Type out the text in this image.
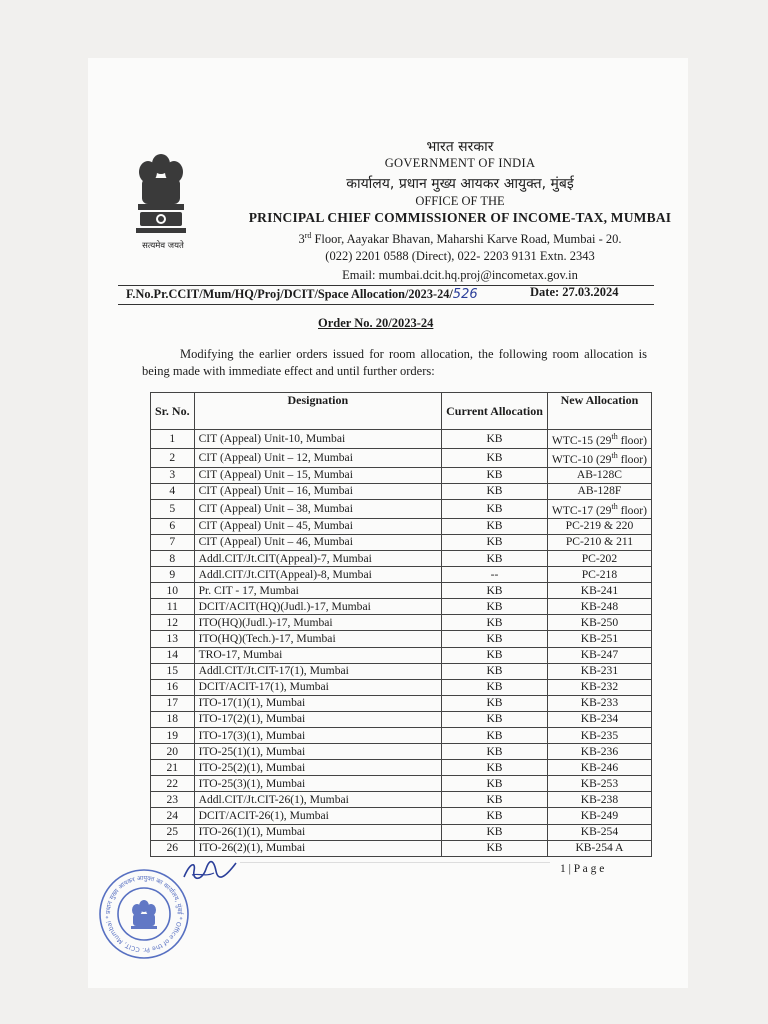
सत्यमेव जयते
भारत सरकार
GOVERNMENT OF INDIA
कार्यालय, प्रधान मुख्य आयकर आयुक्त, मुंबई
OFFICE OF THE
PRINCIPAL CHIEF COMMISSIONER OF INCOME-TAX, MUMBAI
3rd Floor, Aayakar Bhavan, Maharshi Karve Road, Mumbai - 20.
(022) 2201 0588 (Direct), 022- 2203 9131 Extn. 2343
Email: mumbai.dcit.hq.proj@incometax.gov.in
F.No.Pr.CCIT/Mum/HQ/Proj/DCIT/Space Allocation/2023-24/526	Date: 27.03.2024
Order No. 20/2023-24
Modifying the earlier orders issued for room allocation, the following room allocation is being made with immediate effect and until further orders:
Sr. No.	Designation	Current Allocation	New Allocation
1	CIT (Appeal) Unit-10, Mumbai	KB	WTC-15 (29th floor)
2	CIT (Appeal) Unit – 12, Mumbai	KB	WTC-10 (29th floor)
3	CIT (Appeal) Unit – 15, Mumbai	KB	AB-128C
4	CIT (Appeal) Unit – 16, Mumbai	KB	AB-128F
5	CIT (Appeal) Unit – 38, Mumbai	KB	WTC-17 (29th floor)
6	CIT (Appeal) Unit – 45, Mumbai	KB	PC-219 & 220
7	CIT (Appeal) Unit – 46, Mumbai	KB	PC-210 & 211
8	Addl.CIT/Jt.CIT(Appeal)-7, Mumbai	KB	PC-202
9	Addl.CIT/Jt.CIT(Appeal)-8, Mumbai	--	PC-218
10	Pr. CIT - 17, Mumbai	KB	KB-241
11	DCIT/ACIT(HQ)(Judl.)-17, Mumbai	KB	KB-248
12	ITO(HQ)(Judl.)-17, Mumbai	KB	KB-250
13	ITO(HQ)(Tech.)-17, Mumbai	KB	KB-251
14	TRO-17, Mumbai	KB	KB-247
15	Addl.CIT/Jt.CIT-17(1), Mumbai	KB	KB-231
16	DCIT/ACIT-17(1), Mumbai	KB	KB-232
17	ITO-17(1)(1), Mumbai	KB	KB-233
18	ITO-17(2)(1), Mumbai	KB	KB-234
19	ITO-17(3)(1), Mumbai	KB	KB-235
20	ITO-25(1)(1), Mumbai	KB	KB-236
21	ITO-25(2)(1), Mumbai	KB	KB-246
22	ITO-25(3)(1), Mumbai	KB	KB-253
23	Addl.CIT/Jt.CIT-26(1), Mumbai	KB	KB-238
24	DCIT/ACIT-26(1), Mumbai	KB	KB-249
25	ITO-26(1)(1), Mumbai	KB	KB-254
26	ITO-26(2)(1), Mumbai	KB	KB-254 A
1 | P a g e
प्रधान मुख्य आयकर आयुक्त का कार्यालय, मुंबई * Office of the Pr. CCIT, Mumbai *
